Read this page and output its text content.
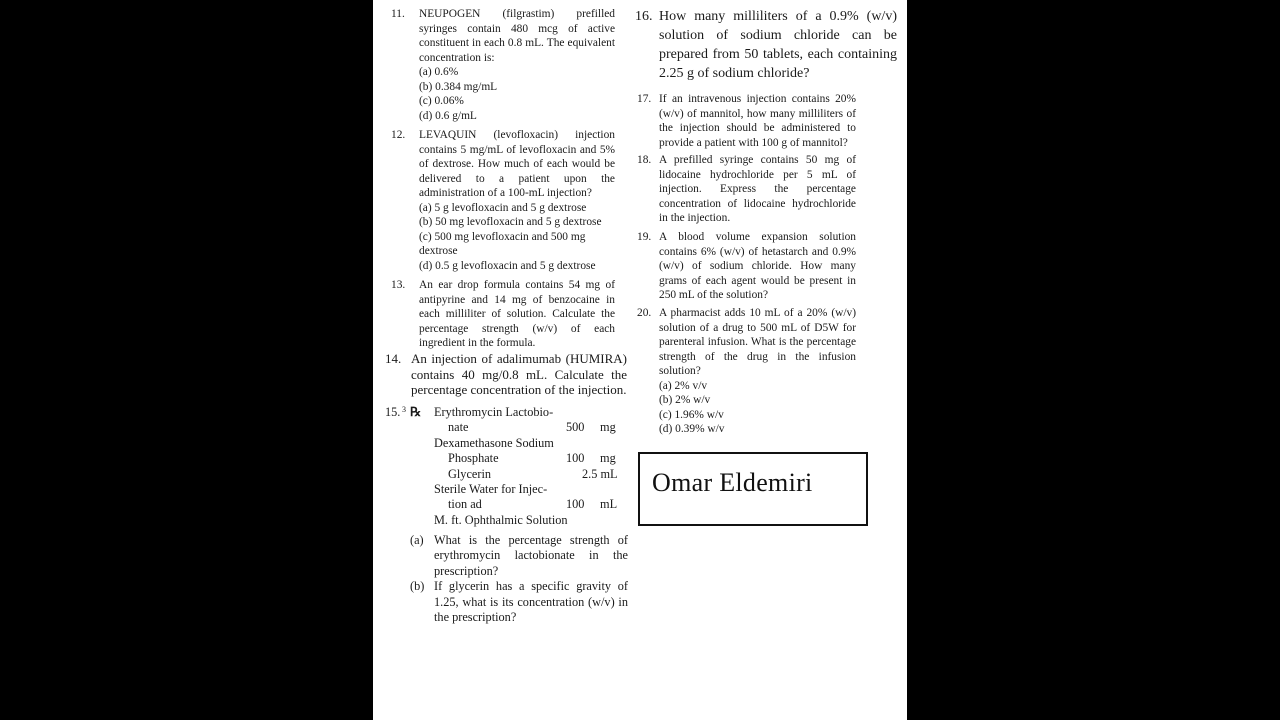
11. NEUPOGEN (filgrastim) prefilled syringes contain 480 mcg of active constituent in each 0.8 mL. The equivalent concentration is:
(a) 0.6%
(b) 0.384 mg/mL
(c) 0.06%
(d) 0.6 g/mL
12. LEVAQUIN (levofloxacin) injection contains 5 mg/mL of levofloxacin and 5% of dextrose. How much of each would be delivered to a patient upon the administration of a 100-mL injection?
(a) 5 g levofloxacin and 5 g dextrose
(b) 50 mg levofloxacin and 5 g dextrose
(c) 500 mg levofloxacin and 500 mg dextrose
(d) 0.5 g levofloxacin and 5 g dextrose
13. An ear drop formula contains 54 mg of antipyrine and 14 mg of benzocaine in each milliliter of solution. Calculate the percentage strength (w/v) of each ingredient in the formula.
14. An injection of adalimumab (HUMIRA) contains 40 mg/0.8 mL. Calculate the percentage concentration of the injection.
15. 3 ℞ Erythromycin Lactobio-
nate	500 mg
Dexamethasone Sodium
Phosphate	100 mg
Glycerin	2.5 mL
Sterile Water for Injec-
tion ad	100 mL
M. ft. Ophthalmic Solution
(a) What is the percentage strength of erythromycin lactobionate in the prescription?
(b) If glycerin has a specific gravity of 1.25, what is its concentration (w/v) in the prescription?
16. How many milliliters of a 0.9% (w/v) solution of sodium chloride can be prepared from 50 tablets, each containing 2.25 g of sodium chloride?
17. If an intravenous injection contains 20% (w/v) of mannitol, how many milliliters of the injection should be administered to provide a patient with 100 g of mannitol?
18. A prefilled syringe contains 50 mg of lidocaine hydrochloride per 5 mL of injection. Express the percentage concentration of lidocaine hydrochloride in the injection.
19. A blood volume expansion solution contains 6% (w/v) of hetastarch and 0.9% (w/v) of sodium chloride. How many grams of each agent would be present in 250 mL of the solution?
20. A pharmacist adds 10 mL of a 20% (w/v) solution of a drug to 500 mL of D5W for parenteral infusion. What is the percentage strength of the drug in the infusion solution?
(a) 2% v/v
(b) 2% w/v
(c) 1.96% w/v
(d) 0.39% w/v
Omar Eldemiri
